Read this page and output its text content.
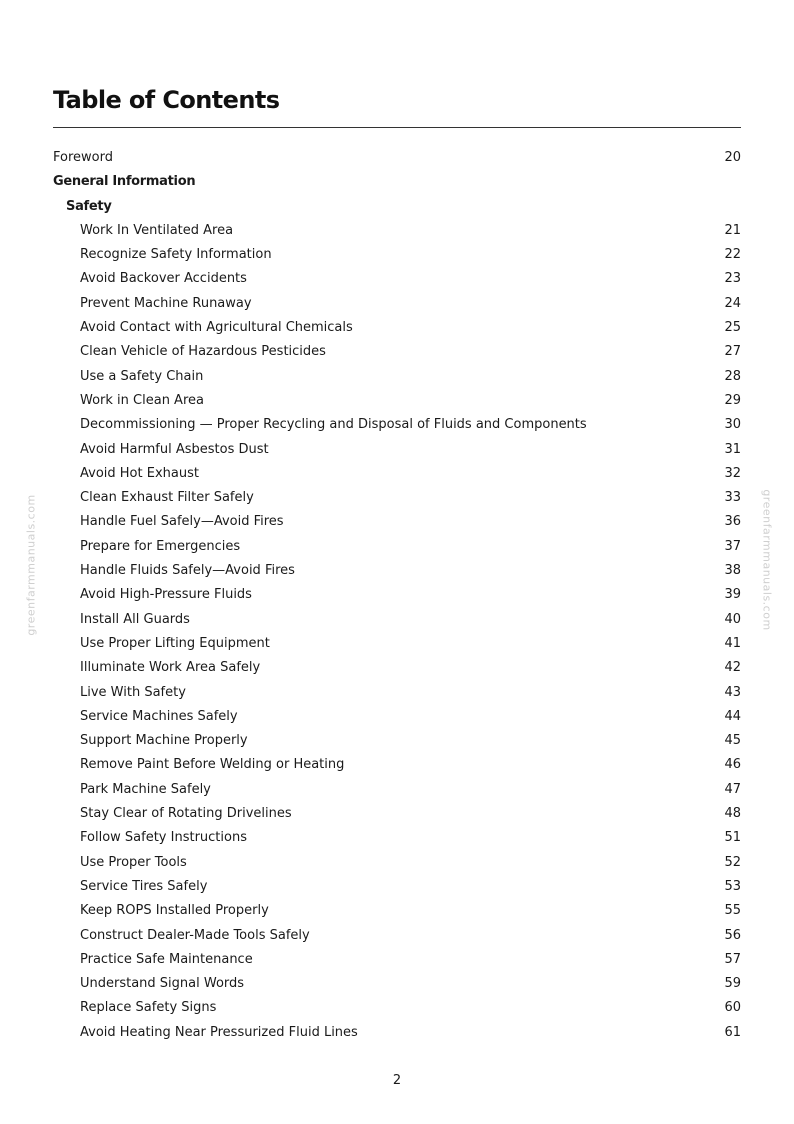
Table of Contents
Foreword	20
General Information
Safety
Work In Ventilated Area	21
Recognize Safety Information	22
Avoid Backover Accidents	23
Prevent Machine Runaway	24
Avoid Contact with Agricultural Chemicals	25
Clean Vehicle of Hazardous Pesticides	27
Use a Safety Chain	28
Work in Clean Area	29
Decommissioning — Proper Recycling and Disposal of Fluids and Components	30
Avoid Harmful Asbestos Dust	31
Avoid Hot Exhaust	32
Clean Exhaust Filter Safely	33
Handle Fuel Safely—Avoid Fires	36
Prepare for Emergencies	37
Handle Fluids Safely—Avoid Fires	38
Avoid High-Pressure Fluids	39
Install All Guards	40
Use Proper Lifting Equipment	41
Illuminate Work Area Safely	42
Live With Safety	43
Service Machines Safely	44
Support Machine Properly	45
Remove Paint Before Welding or Heating	46
Park Machine Safely	47
Stay Clear of Rotating Drivelines	48
Follow Safety Instructions	51
Use Proper Tools	52
Service Tires Safely	53
Keep ROPS Installed Properly	55
Construct Dealer-Made Tools Safely	56
Practice Safe Maintenance	57
Understand Signal Words	59
Replace Safety Signs	60
Avoid Heating Near Pressurized Fluid Lines	61
greenfarmmanuals.com	greenfarmmanuals.com
2
